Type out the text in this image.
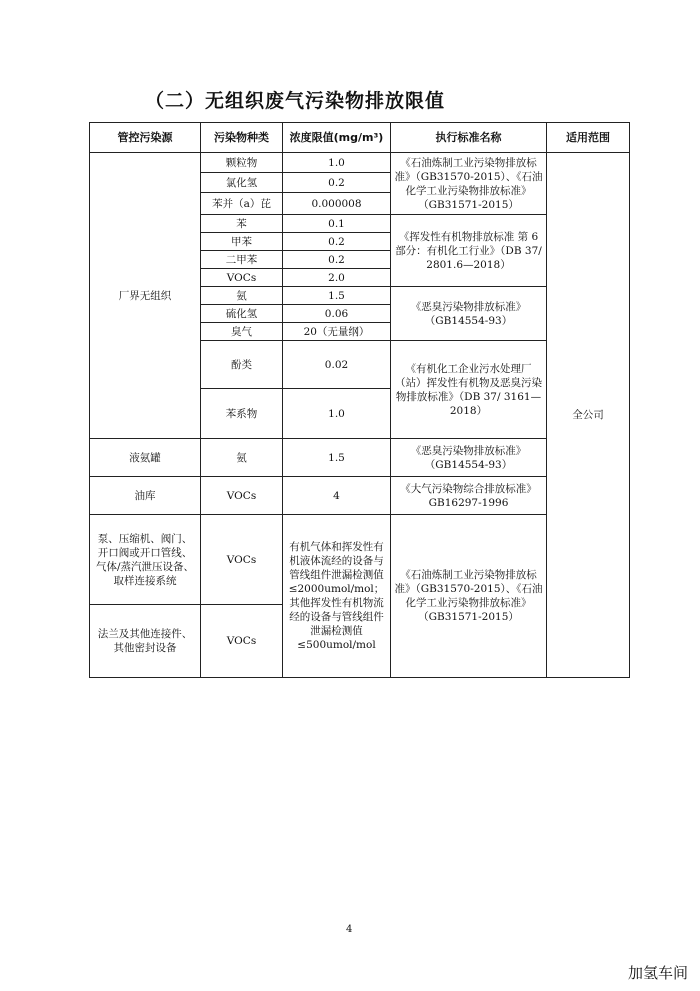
（二）无组织废气污染物排放限值
管控污染源	污染物种类	浓度限值(mg/m³)	执行标准名称	适用范围
厂界无组织	颗粒物	1.0	《石油炼制工业污染物排放标准》（GB31570-2015）、《石油化学工业污染物排放标准》（GB31571-2015）	全公司
	氯化氢	0.2		
	苯并（a）芘	0.000008		
	苯	0.1	《挥发性有机物排放标准 第 6 部分：有机化工行业》（DB 37/ 2801.6—2018）	
	甲苯	0.2		
	二甲苯	0.2		
	VOCs	2.0		
	氨	1.5	《恶臭污染物排放标准》（GB14554-93）	
	硫化氢	0.06		
	臭气	20（无量纲）		
	酚类	0.02	《有机化工企业污水处理厂（站）挥发性有机物及恶臭污染物排放标准》（DB 37/ 3161—2018）	
	苯系物	1.0		
液氨罐	氨	1.5	《恶臭污染物排放标准》（GB14554-93）	
油库	VOCs	4	《大气污染物综合排放标准》GB16297-1996	
泵、压缩机、阀门、开口阀或开口管线、气体/蒸汽泄压设备、取样连接系统	VOCs	有机气体和挥发性有机液体流经的设备与管线组件泄漏检测值≤2000umol/mol；其他挥发性有机物流经的设备与管线组件泄漏检测值≤500umol/mol	《石油炼制工业污染物排放标准》（GB31570-2015）、《石油化学工业污染物排放标准》（GB31571-2015）	
法兰及其他连接件、其他密封设备	VOCs			
4
加氢车间
